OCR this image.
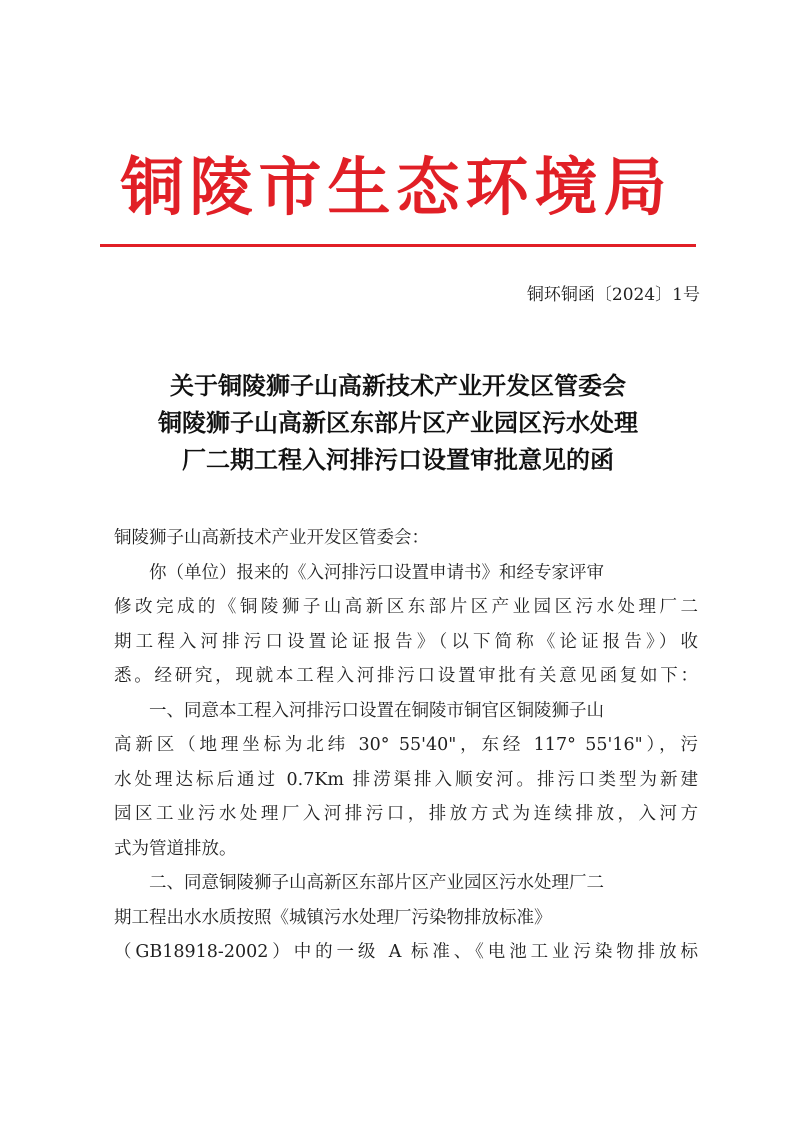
铜陵市生态环境局
铜环铜函〔2024〕1号
关于铜陵狮子山高新技术产业开发区管委会
铜陵狮子山高新区东部片区产业园区污水处理
厂二期工程入河排污口设置审批意见的函
铜陵狮子山高新技术产业开发区管委会：
你（单位）报来的《入河排污口设置申请书》和经专家评审
修改完成的《铜陵狮子山高新区东部片区产业园区污水处理厂二
期工程入河排污口设置论证报告》（以下简称《论证报告》）收
悉。经研究，现就本工程入河排污口设置审批有关意见函复如下：
一、同意本工程入河排污口设置在铜陵市铜官区铜陵狮子山
高新区（地理坐标为北纬 30° 55'40"，东经 117° 55'16"），污
水处理达标后通过 0.7Km 排涝渠排入顺安河。排污口类型为新建
园区工业污水处理厂入河排污口，排放方式为连续排放，入河方
式为管道排放。
二、同意铜陵狮子山高新区东部片区产业园区污水处理厂二
期工程出水水质按照《城镇污水处理厂污染物排放标准》
（GB18918-2002）中的一级 A 标准、《电池工业污染物排放标
